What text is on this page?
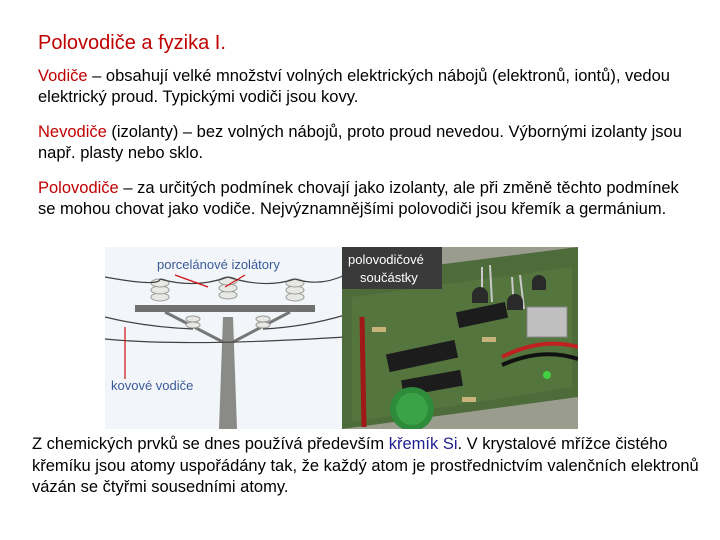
Polovodiče a fyzika I.
Vodiče – obsahují velké množství volných elektrických nábojů (elektronů, iontů), vedou elektrický proud. Typickými vodiči jsou kovy.
Nevodiče (izolanty) – bez volných nábojů, proto proud nevedou. Výbornými izolanty jsou např. plasty nebo sklo.
Polovodiče – za určitých podmínek chovají jako izolanty, ale při změně těchto podmínek se mohou chovat jako vodiče. Nejvýznamnějšími polovodiči jsou křemík a germánium.
porcelánové izolátory
kovové vodiče
polovodičové
součástky
Z chemických prvků se dnes používá především křemík Si. V krystalové mřížce čistého křemíku jsou atomy uspořádány tak, že každý atom je prostřednictvím valenčních elektronů vázán se čtyřmi sousedními atomy.
